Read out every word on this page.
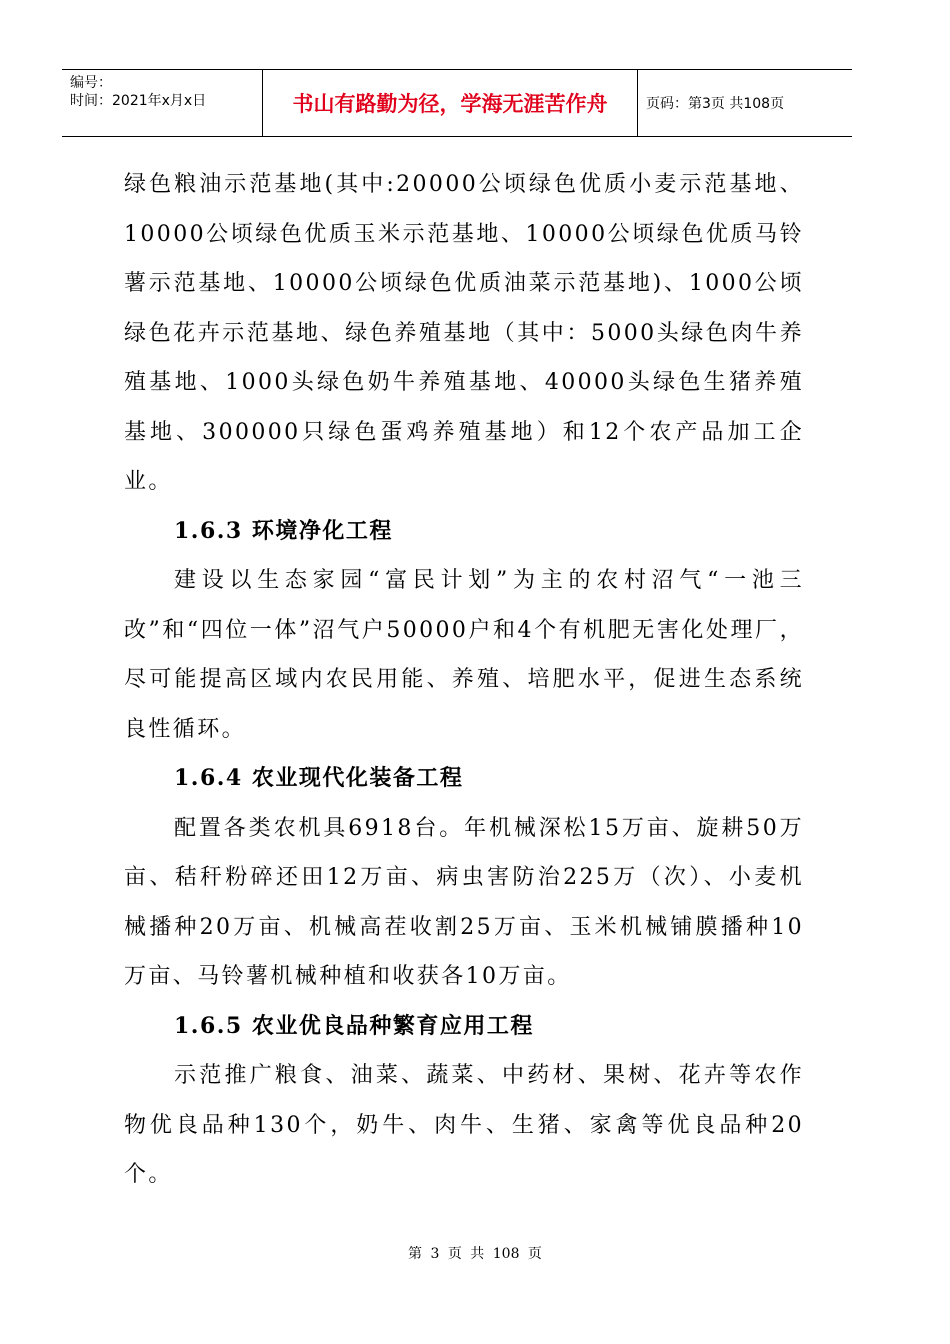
编号：
时间：2021年x月x日	书山有路勤为径，学海无涯苦作舟	页码：第3页 共108页

绿色粮油示范基地(其中:20000公顷绿色优质小麦示范基地、10000公顷绿色优质玉米示范基地、10000公顷绿色优质马铃薯示范基地、10000公顷绿色优质油菜示范基地)、1000公顷绿色花卉示范基地、绿色养殖基地（其中：5000头绿色肉牛养殖基地、1000头绿色奶牛养殖基地、40000头绿色生猪养殖基地、300000只绿色蛋鸡养殖基地）和12个农产品加工企业。

1.6.3 环境净化工程

建设以生态家园“富民计划”为主的农村沼气“一池三改”和“四位一体”沼气户50000户和4个有机肥无害化处理厂，尽可能提高区域内农民用能、养殖、培肥水平，促进生态系统良性循环。

1.6.4 农业现代化装备工程

配置各类农机具6918台。年机械深松15万亩、旋耕50万亩、秸秆粉碎还田12万亩、病虫害防治225万（次）、小麦机械播种20万亩、机械高茬收割25万亩、玉米机械铺膜播种10万亩、马铃薯机械种植和收获各10万亩。

1.6.5 农业优良品种繁育应用工程

示范推广粮食、油菜、蔬菜、中药材、果树、花卉等农作物优良品种130个，奶牛、肉牛、生猪、家禽等优良品种20个。

第 3 页 共 108 页
